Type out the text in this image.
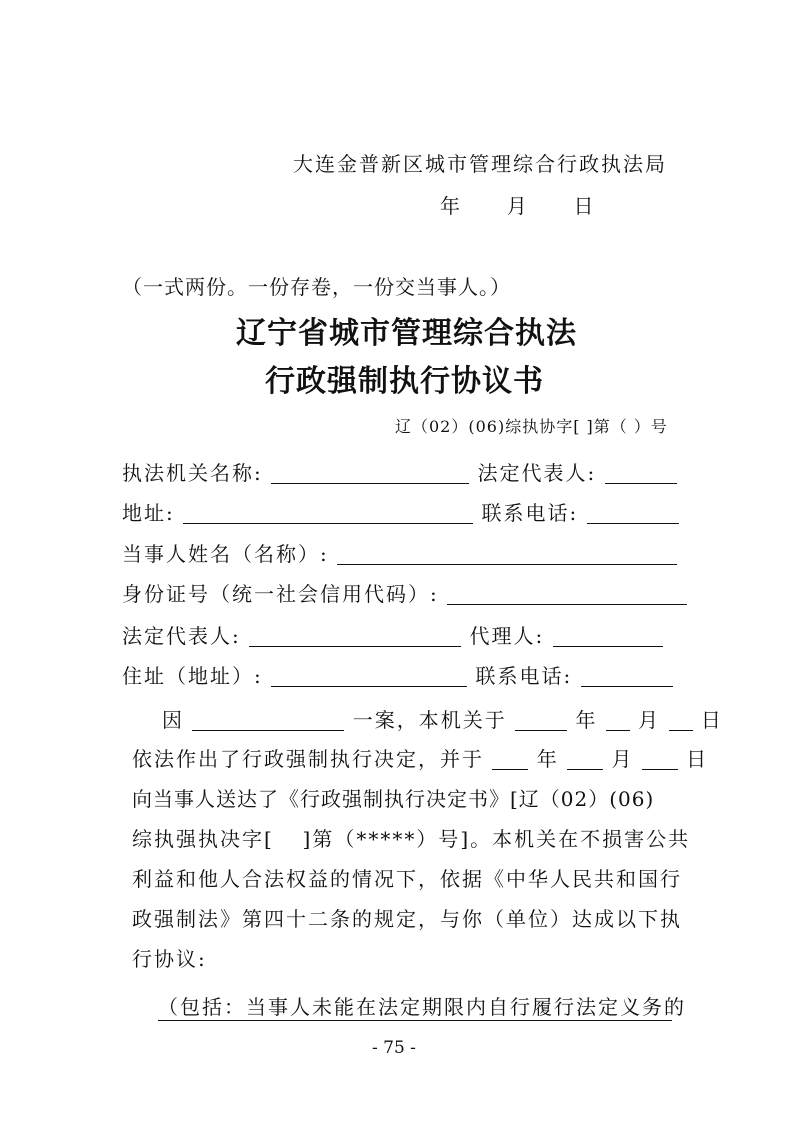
大连金普新区城市管理综合行政执法局
年 月 日
（一式两份。一份存卷，一份交当事人。）
辽宁省城市管理综合执法
行政强制执行协议书
辽（02）(06)综执协字[ ]第（ ）号
执法机关名称:	法定代表人:
地址:	联系电话:
当事人姓名（名称）:
身份证号（统一社会信用代码）:
法定代表人:	代理人:
住址（地址）:	联系电话:
因	一案，本机关于	年 月 日
依法作出了行政强制执行决定，并于	年	月	日
向当事人送达了《行政强制执行决定书》[辽（02）(06)
综执强执决字[ ]第（*****）号]。本机关在不损害公共
利益和他人合法权益的情况下，依据《中华人民共和国行
政强制法》第四十二条的规定，与你（单位）达成以下执
行协议:
（包括：当事人未能在法定期限内自行履行法定义务的
- 75 -
